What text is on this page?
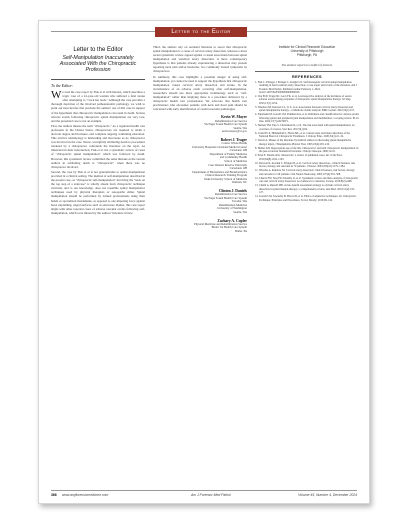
Letter to the Editor
Letter to the Editor
Self-Manipulation Inaccurately Associated With the Chiropractic Profession
To the Editor:
We read the case report by Fisk et al with interest, which describes a tragic case of a 41-year-old woman who suffered a fatal stroke after attempting to "crack her neck." Although the case provides a thorough depiction of the involved pathoanatomic pathology, we wish to point out inaccuracies that preclude the authors' use of this case in support of the hypothesis that chiropractic manipulation can result in death. Serious adverse events following chiropractic spinal manipulation are very rare, and the presented case is not an example.
First, the authors misuse the term "chiropractic." As a regulated health care profession in the United States, chiropractors are required to attain a doctoral degree and licensure, and complete ongoing continuing education. This article's terminology is misleading and inaccurate as no chiropractor was involved in the case. Worse, wrongfully attributing death to procedures rendered by a chiropractor confounds the literature on the topic. As illustrated in their introduction, Fisk et al cite a systematic review of cases of "chiropractic spinal manipulation" which was followed by death. However, this systematic review committed the same mistake as the current authors in attributing death to "chiropractic" when there was no chiropractor involved.
Second, the case by Fisk et al is not generalizable to spinal manipulation provided in a clinical setting. The method of self-manipulation described in the present case, as "chiropractic self-manipulation" involving the "neck on the top step of a staircase" is wholly absent from chiropractic technique curricula, and to our knowledge, does not resemble spinal manipulative techniques used by physical therapists or osteopaths either. Spinal manipulation should be performed by trained professionals using their hands or specialized instruments, as opposed to one imposing force against hard, unyielding, edged surfaces such as staircases. Rather, this case report aligns with other reported cases of adverse vascular events following self-manipulation, which were missed by the authors' literature review.
Third, the authors rely on outdated literature to assert that chiropractic spinal manipulation is a cause of cervical artery dissection, whereas a more recent systematic review argued against a causal association between spinal manipulation and vertebral artery dissection. A more contemporary hypothesis is that patients already experiencing a dissection may present reporting neck pain and/or headache, two commonly treated symptoms by chiropractors.
In summary, this case highlights a potential danger of using self-manipulation, yet cannot be used to support the hypothesis that chiropractic manipulation causes cervical artery dissection and stroke. In the circumstance of an adverse event occurring after self-manipulation, researchers should use more appropriate terminology such as "self-manipulation" rather than implying there is a procedure delivered by a chiropractic health care professional. We advocate that health care practitioners who encounter patients with neck and head pain should be concerned with early identification of cerebrovascular pathologies.
Kevin W. Mayer
Rehabilitation Care Service
VA Puget Sound Health Care System
Seattle, WA
kevin.mayer@va.gov
Robert J. Trager
Connor Whole Health
University Hospitals Cleveland Medical Center
Cleveland, OH
Department of Family Medicine
and Community Health
School of Medicine
Case Western Reserve University
Cleveland, OH
Department of Biostatistics and Bioinformatics
Clinical Research Training Program
Duke University School of Medicine
Durham, NC
Clinton J. Daniels
Rehabilitation Care Service
VA Puget Sound Health Care System
Tacoma, WA
Rehabilitation Medicine
University of Washington
Seattle, WA
Zachary A. Cupler
Physical Medicine and Rehabilitation Service
Butler VA Health Care System
Butler, PA
Institute for Clinical Research Education
University of Pittsburgh
Pittsburgh, PA
The authors report no conflict of interest.
REFERENCES
1. Fisk C, Ettinger J, Ettinger C, Knight LO. Self-therapeutic cervical spinal manipulation resulting in fatal vertebral artery dissection: a case report and review of the literature. Am J Forensic Med Pathol. Published online February 1, 2024. doi:10.1097/PAF.0000000000000926
2. Chu ECP, Trager RJ, Lee LYK, et al. A retrospective analysis of the incidence of severe adverse events among recipients of chiropractic spinal manipulative therapy. Sci Rep. 2023;13(1):1254.
3. Whedon JM, Petersen CL, Li Z, et al. Association between cervical artery dissection and spinal manipulative therapy—a Medicare claims analysis. BMC Geriatr. 2022;22(1):917.
4. Funabashi M, Gorrell LM, Pohlman KA, et al. Definition and classification for adverse events following spinal and peripheral joint manipulation and mobilization: a scoping review. PLoS One. 2022;17(7):e0270671.
5. Nielsen SM, Tarp S, Christensen R, et al. The risk associated with spinal manipulation: an overview of reviews. Syst Rev. 2017;6(1):64.
6. Cram NS Jr, Himmelfarb I, Harris ML, et al. Current state and future directions of the National Board of Chiropractic Examiners. J Chiropr Educ. 2020;34(1):21–34.
7. Terrett A. Misuse of the literature by medical authors in discussing spinal manipulative therapy injury. J Manipulative Physiol Ther. 1995;18(4):203–210.
8. Haldor AH. Inappropriate use of the title 'chiropractor' and term 'chiropractic manipulation' in the peer-reviewed biomedical literature. Chiropr Osteopat. 2006;14:16.
9. Ernst E. Deaths after chiropractic: a review of published cases. Int J Clin Pract. 2010;64(8):1162–1165.
10. Dawson R, Kotsiuk C, Ettinger B, et al. Cervical artery dissection—clinical features, risk factors, therapy and outcome in 70 patients. J Neurol. 2003;250(10):1179–1184.
11. Whedon A, Rainbow M. Cervical artery dissection: clinical features, risk factors, therapy and outcome in 126 patients. Clin Neurol Neurosurg. 2005;107(4):301–308.
12. Church EW, Sieg EP, Zalatimo O, et al. Systematic review and meta-analysis of chiropractic care and cervical artery dissection: no evidence for causation. Cureus. 2016;8(2):e498.
13. Chaibi A, Russell MB. A risk–benefit assessment strategy to exclude cervical artery dissection in spinal manual-therapy: a comprehensive review. Ann Med. 2019;51(2):118–127.
14. Gorrell LM, Sawatzky B, Brown B, et al. Ethics of adjunctive techniques. In: Chiropractic Technique: Principles and Procedures. 3rd ed. Mosby; 2010:96–142.
366 www.amjforensicmedicine.com	Am J Forensic Med Pathol	Volume 45, Number 4, December 2024
